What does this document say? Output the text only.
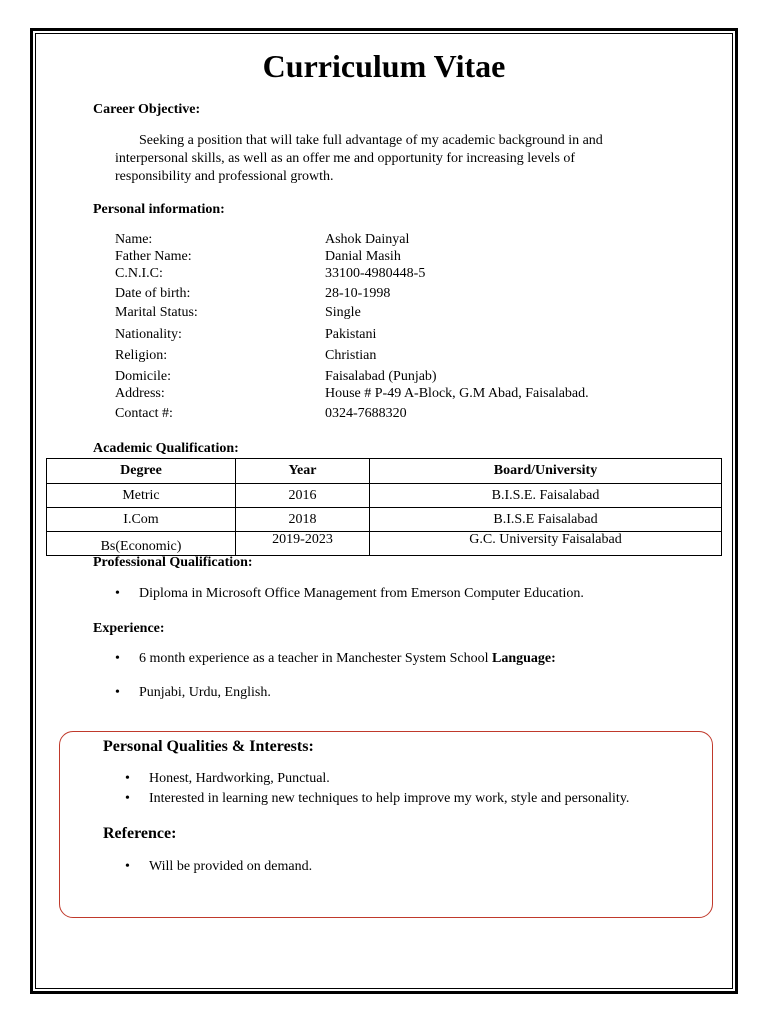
Curriculum Vitae
Career Objective:
Seeking a position that will take full advantage of my academic background in and interpersonal skills, as well as an offer me and opportunity for increasing levels of responsibility and professional growth.
Personal information:
Name:	Ashok Dainyal
Father Name:	Danial Masih
C.N.I.C:	33100-4980448-5
Date of birth:	28-10-1998
Marital Status:	Single
Nationality:	Pakistani
Religion:	Christian
Domicile:	Faisalabad (Punjab)
Address:	House # P-49 A-Block, G.M Abad, Faisalabad.
Contact #:	0324-7688320
Academic Qualification:
Degree	Year	Board/University
Metric	2016	B.I.S.E. Faisalabad
I.Com	2018	B.I.S.E Faisalabad
Bs(Economic)	2019-2023	G.C. University Faisalabad
Professional Qualification:
• Diploma in Microsoft Office Management from Emerson Computer Education.
Experience:
• 6 month experience as a teacher in Manchester System School Language:
• Punjabi, Urdu, English.
Personal Qualities & Interests:
• Honest, Hardworking, Punctual.
• Interested in learning new techniques to help improve my work, style and personality.
Reference:
• Will be provided on demand.
